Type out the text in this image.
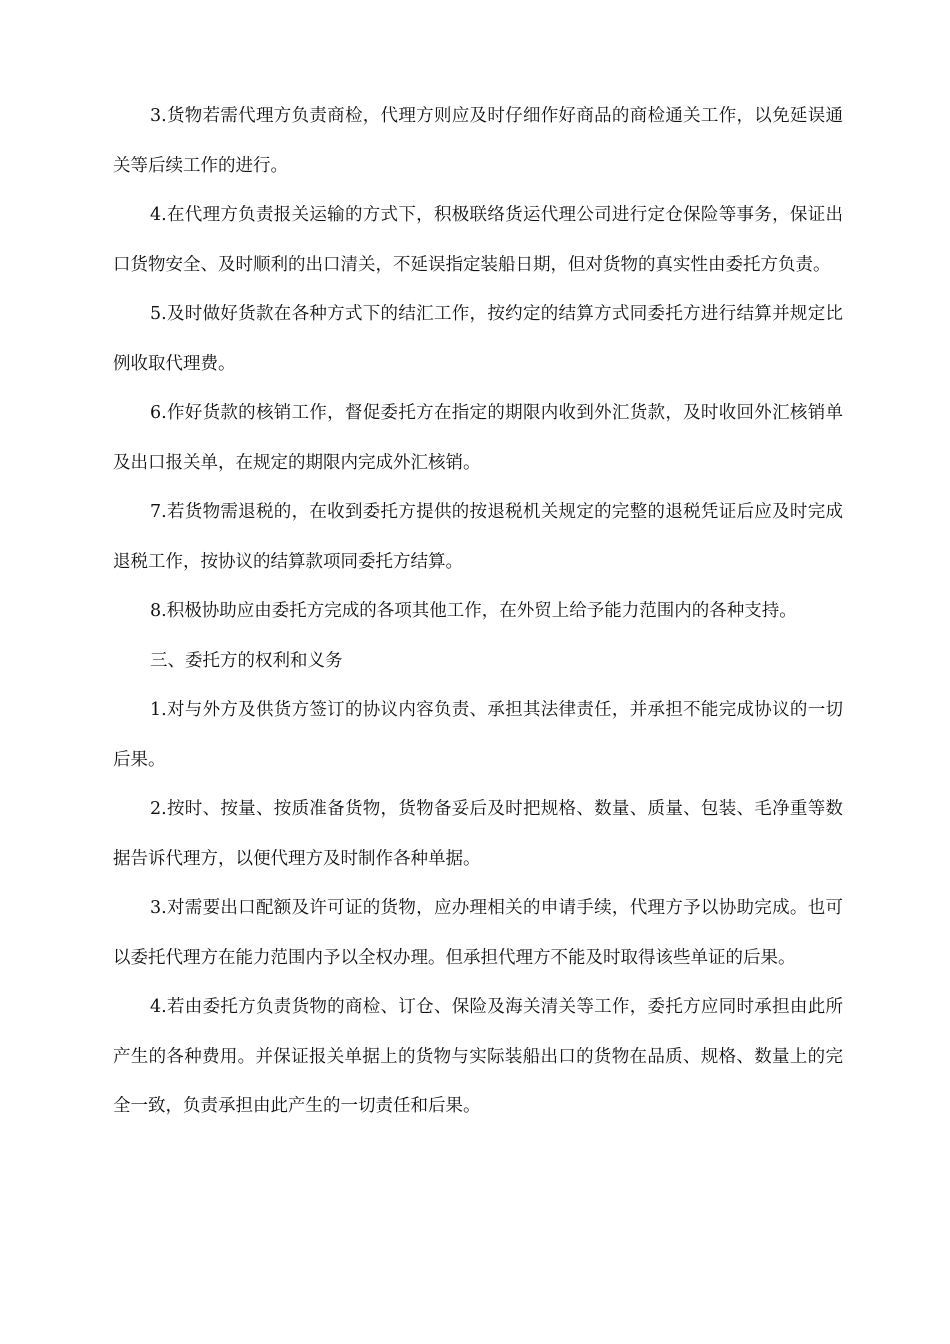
3.货物若需代理方负责商检，代理方则应及时仔细作好商品的商检通关工作，以免延误通关等后续工作的进行。

4.在代理方负责报关运输的方式下，积极联络货运代理公司进行定仓保险等事务，保证出口货物安全、及时顺利的出口清关，不延误指定装船日期，但对货物的真实性由委托方负责。

5.及时做好货款在各种方式下的结汇工作，按约定的结算方式同委托方进行结算并规定比例收取代理费。

6.作好货款的核销工作，督促委托方在指定的期限内收到外汇货款，及时收回外汇核销单及出口报关单，在规定的期限内完成外汇核销。

7.若货物需退税的，在收到委托方提供的按退税机关规定的完整的退税凭证后应及时完成退税工作，按协议的结算款项同委托方结算。

8.积极协助应由委托方完成的各项其他工作，在外贸上给予能力范围内的各种支持。

三、委托方的权利和义务

1.对与外方及供货方签订的协议内容负责、承担其法律责任，并承担不能完成协议的一切后果。

2.按时、按量、按质准备货物，货物备妥后及时把规格、数量、质量、包装、毛净重等数据告诉代理方，以便代理方及时制作各种单据。

3.对需要出口配额及许可证的货物，应办理相关的申请手续，代理方予以协助完成。也可以委托代理方在能力范围内予以全权办理。但承担代理方不能及时取得该些单证的后果。

4.若由委托方负责货物的商检、订仓、保险及海关清关等工作，委托方应同时承担由此所产生的各种费用。并保证报关单据上的货物与实际装船出口的货物在品质、规格、数量上的完全一致，负责承担由此产生的一切责任和后果。
